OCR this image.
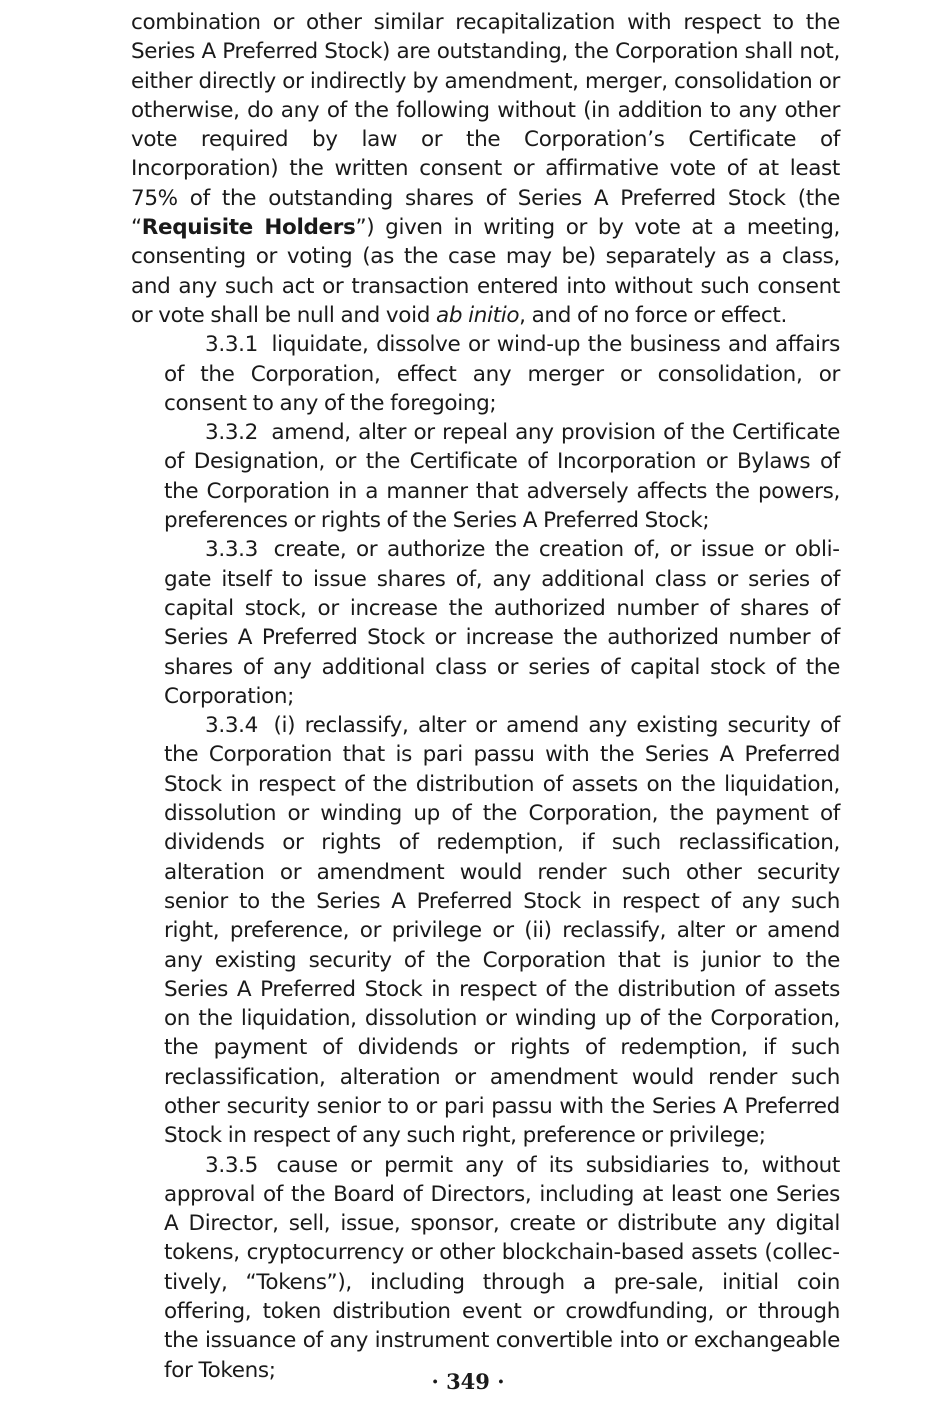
combination or other similar recapitalization with respect to the Series A Preferred Stock) are outstanding, the Corporation shall not, either directly or indirectly by amendment, merger, consolidation or otherwise, do any of the following without (in addition to any other vote required by law or the Corporation’s Certificate of Incorporation) the written consent or affirmative vote of at least 75% of the outstanding shares of Series A Preferred Stock (the “Requisite Holders”) given in writing or by vote at a meeting, consenting or voting (as the case may be) separately as a class, and any such act or transaction entered into without such consent or vote shall be null and void ab initio, and of no force or effect.

3.3.1 liquidate, dissolve or wind-up the business and affairs of the Corporation, effect any merger or consolidation, or consent to any of the foregoing;

3.3.2 amend, alter or repeal any provision of the Certificate of Designation, or the Certificate of Incorporation or Bylaws of the Corporation in a manner that adversely affects the powers, preferences or rights of the Series A Preferred Stock;

3.3.3 create, or authorize the creation of, or issue or obligate itself to issue shares of, any additional class or series of capital stock, or increase the authorized number of shares of Series A Preferred Stock or increase the authorized number of shares of any additional class or series of capital stock of the Corporation;

3.3.4 (i) reclassify, alter or amend any existing security of the Corporation that is pari passu with the Series A Preferred Stock in respect of the distribution of assets on the liquidation, dissolution or winding up of the Corporation, the payment of dividends or rights of redemption, if such reclassification, alteration or amendment would render such other security senior to the Series A Preferred Stock in respect of any such right, preference, or privilege or (ii) reclassify, alter or amend any existing security of the Corporation that is junior to the Series A Preferred Stock in respect of the distribution of assets on the liquidation, dissolution or winding up of the Corporation, the payment of dividends or rights of redemption, if such reclassification, alteration or amendment would render such other security senior to or pari passu with the Series A Preferred Stock in respect of any such right, preference or privilege;

3.3.5 cause or permit any of its subsidiaries to, without approval of the Board of Directors, including at least one Series A Director, sell, issue, sponsor, create or distribute any digital tokens, cryptocurrency or other blockchain-based assets (collectively, “Tokens”), including through a pre-sale, initial coin offering, token distribution event or crowdfunding, or through the issuance of any instrument convertible into or exchangeable for Tokens;	· 349 ·
